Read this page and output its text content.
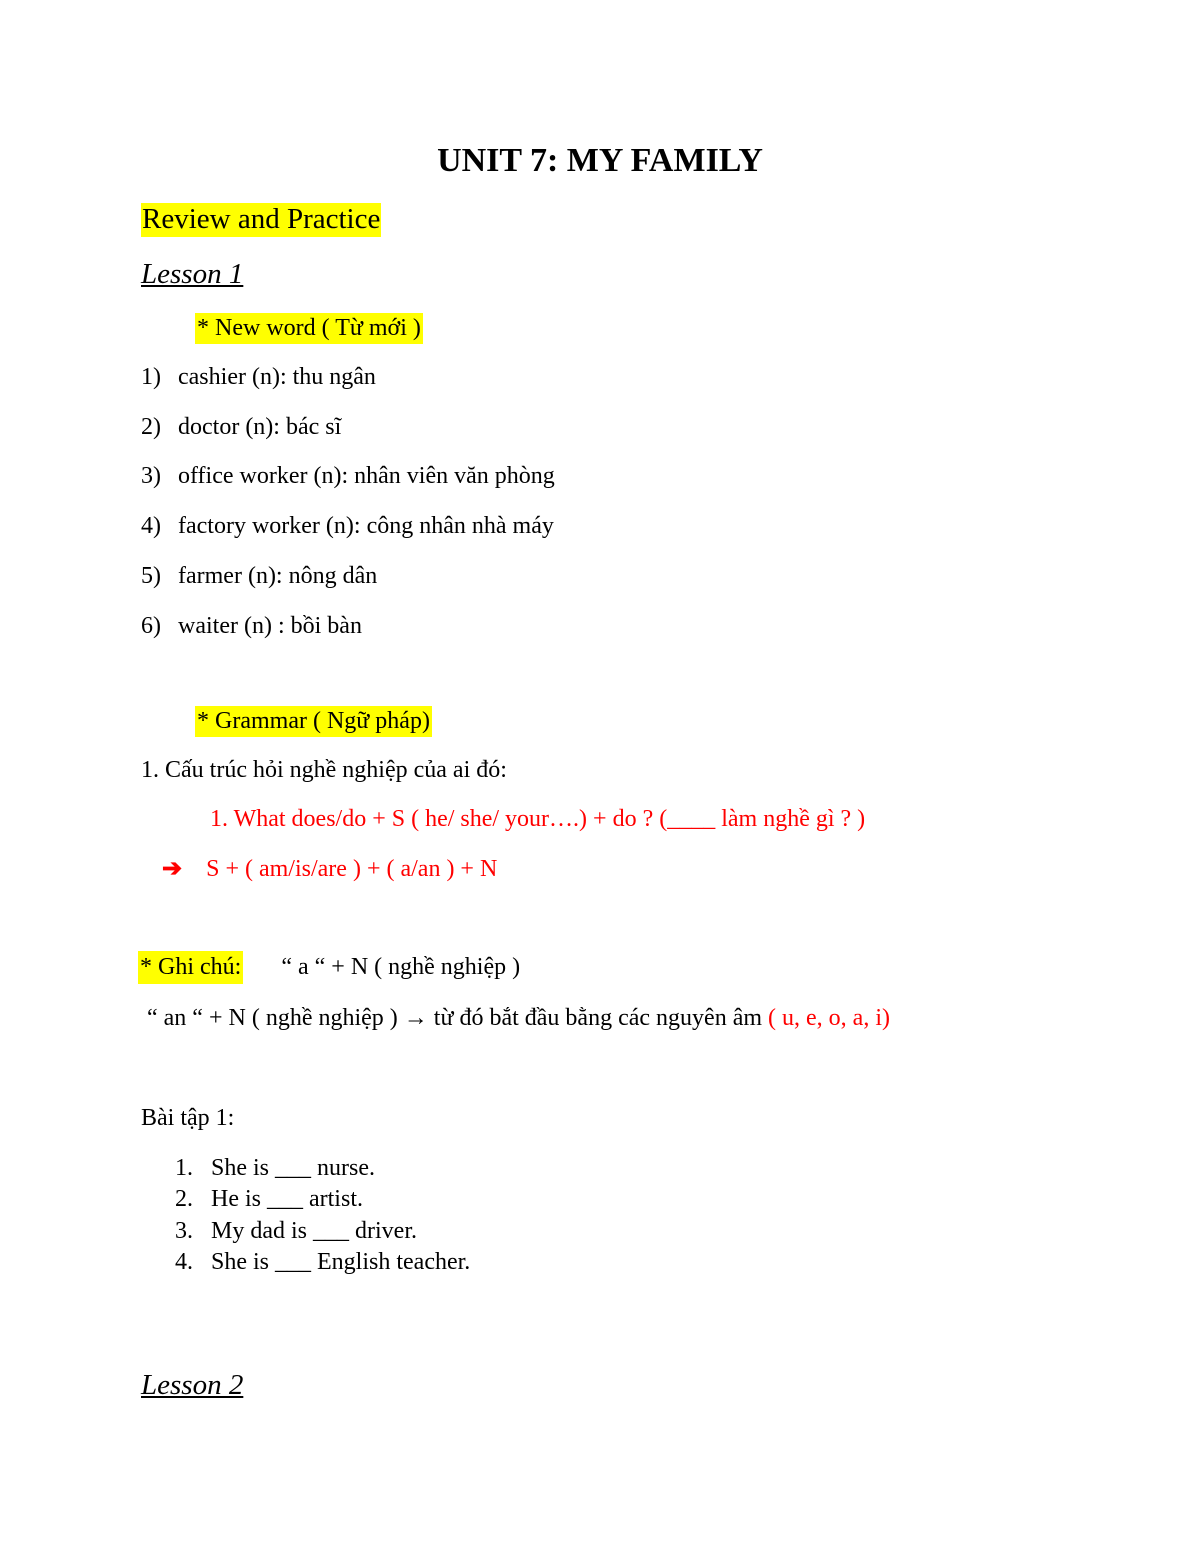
UNIT 7: MY FAMILY
Review and Practice
Lesson 1
* New word ( Từ mới )
1) cashier (n): thu ngân
2) doctor (n): bác sĩ
3) office worker (n): nhân viên văn phòng
4) factory worker (n): công nhân nhà máy
5) farmer (n): nông dân
6) waiter (n) : bồi bàn
* Grammar ( Ngữ pháp)
1. Cấu trúc hỏi nghề nghiệp của ai đó:
1. What does/do + S ( he/ she/ your….) + do ? (____ làm nghề gì ? )
➔ S + ( am/is/are ) + ( a/an ) + N
* Ghi chú: “ a “ + N ( nghề nghiệp )
“ an “ + N ( nghề nghiệp ) → từ đó bắt đầu bằng các nguyên âm ( u, e, o, a, i)
Bài tập 1:
1. She is ___ nurse.
2. He is ___ artist.
3. My dad is ___ driver.
4. She is ___ English teacher.
Lesson 2
